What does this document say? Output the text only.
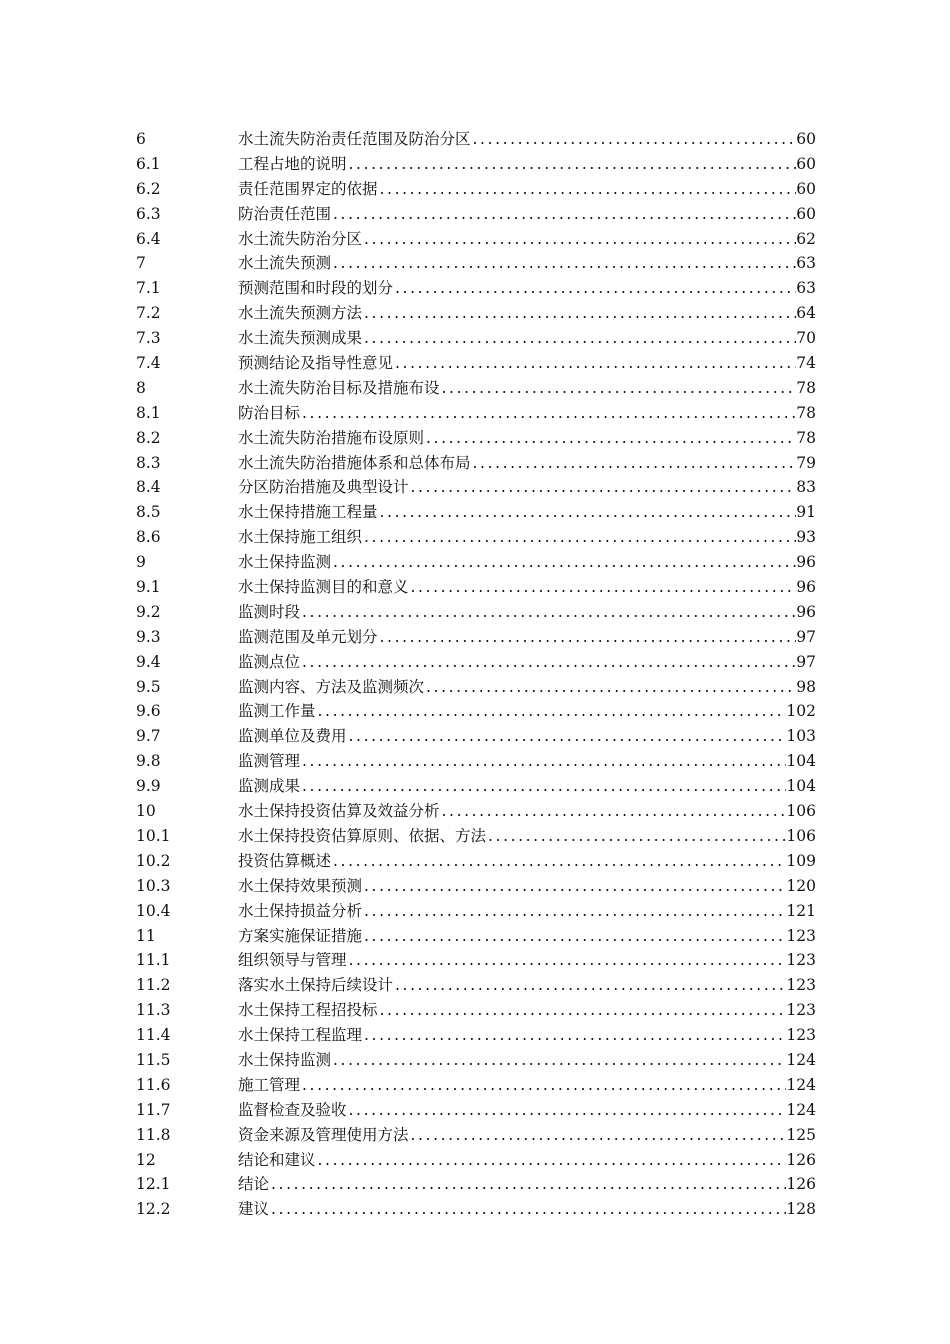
6	水土流失防治责任范围及防治分区 .....	60
6.1	工程占地的说明 .....	60
6.2	责任范围界定的依据 .....	60
6.3	防治责任范围 .....	60
6.4	水土流失防治分区 .....	62
7	水土流失预测 .....	63
7.1	预测范围和时段的划分 .....	63
7.2	水土流失预测方法 .....	64
7.3	水土流失预测成果 .....	70
7.4	预测结论及指导性意见 .....	74
8	水土流失防治目标及措施布设 .....	78
8.1	防治目标 .....	78
8.2	水土流失防治措施布设原则 .....	78
8.3	水土流失防治措施体系和总体布局 .....	79
8.4	分区防治措施及典型设计 .....	83
8.5	水土保持措施工程量 .....	91
8.6	水土保持施工组织 .....	93
9	水土保持监测 .....	96
9.1	水土保持监测目的和意义 .....	96
9.2	监测时段 .....	96
9.3	监测范围及单元划分 .....	97
9.4	监测点位 .....	97
9.5	监测内容、方法及监测频次 .....	98
9.6	监测工作量 .....	102
9.7	监测单位及费用 .....	103
9.8	监测管理 .....	104
9.9	监测成果 .....	104
10	水土保持投资估算及效益分析 .....	106
10.1	水土保持投资估算原则、依据、方法 .....	106
10.2	投资估算概述 .....	109
10.3	水土保持效果预测 .....	120
10.4	水土保持损益分析 .....	121
11	方案实施保证措施 .....	123
11.1	组织领导与管理 .....	123
11.2	落实水土保持后续设计 .....	123
11.3	水土保持工程招投标 .....	123
11.4	水土保持工程监理 .....	123
11.5	水土保持监测 .....	124
11.6	施工管理 .....	124
11.7	监督检查及验收 .....	124
11.8	资金来源及管理使用方法 .....	125
12	结论和建议 .....	126
12.1	结论 .....	126
12.2	建议 .....	128
